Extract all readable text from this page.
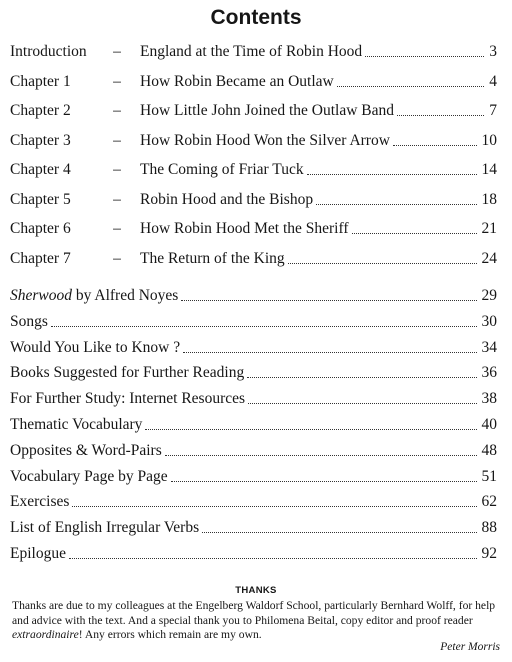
Contents
Introduction – England at the Time of Robin Hood	3
Chapter 1	– How Robin Became an Outlaw	4
Chapter 2	– How Little John Joined the Outlaw Band	7
Chapter 3	– How Robin Hood Won the Silver Arrow	10
Chapter 4	– The Coming of Friar Tuck	14
Chapter 5	– Robin Hood and the Bishop	18
Chapter 6	– How Robin Hood Met the Sheriff	21
Chapter 7	– The Return of the King	24
Sherwood by Alfred Noyes	29
Songs	30
Would You Like to Know ?	34
Books Suggested for Further Reading	36
For Further Study: Internet Resources	38
Thematic Vocabulary	40
Opposites & Word-Pairs	48
Vocabulary Page by Page	51
Exercises	62
List of English Irregular Verbs	88
Epilogue	92
THANKS
Thanks are due to my colleagues at the Engelberg Waldorf School, particularly Bernhard Wolff, for help and advice with the text. And a special thank you to Philomena Beital, copy editor and proof reader extraordinaire! Any errors which remain are my own.
Peter Morris
